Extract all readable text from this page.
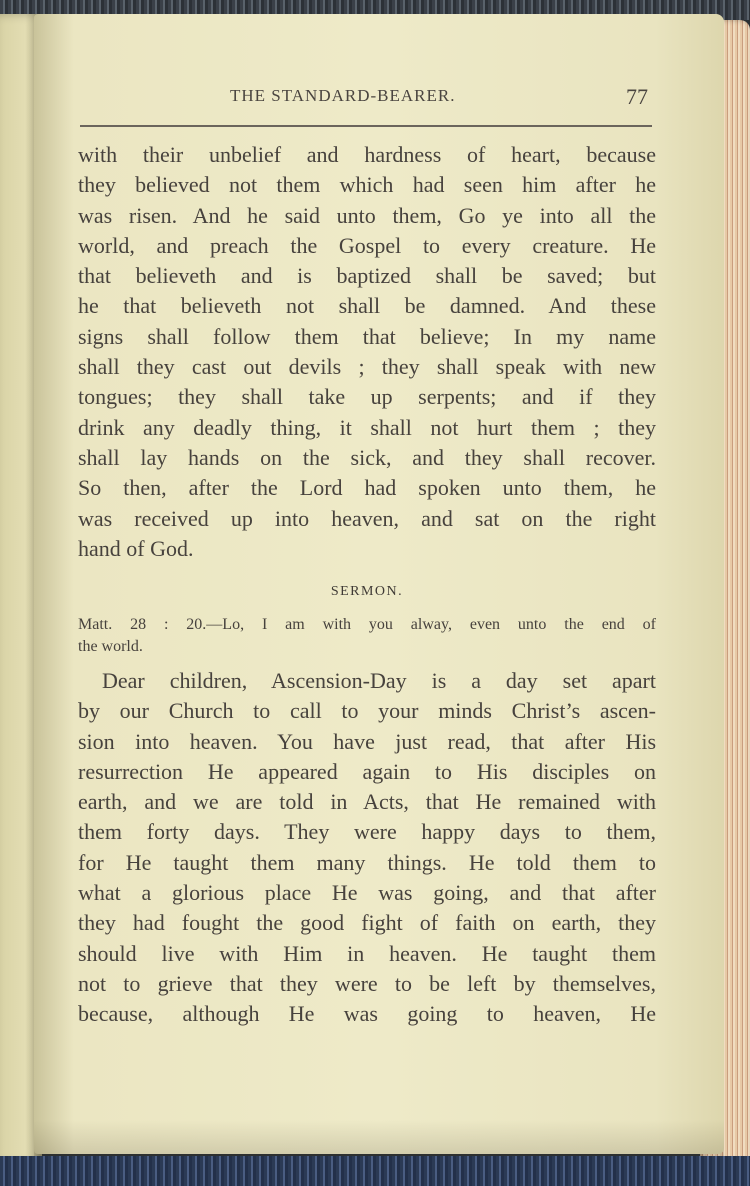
THE STANDARD-BEARER.	77
with their unbelief and hardness of heart, because
they believed not them which had seen him after he
was risen. And he said unto them, Go ye into all the
world, and preach the Gospel to every creature. He
that believeth and is baptized shall be saved; but
he that believeth not shall be damned. And these
signs shall follow them that believe; In my name
shall they cast out devils ; they shall speak with new
tongues; they shall take up serpents; and if they
drink any deadly thing, it shall not hurt them ; they
shall lay hands on the sick, and they shall recover.
So then, after the Lord had spoken unto them, he
was received up into heaven, and sat on the right
hand of God.
SERMON.
Matt. 28 : 20.—Lo, I am with you alway, even unto the end of
the world.
Dear children, Ascension-Day is a day set apart
by our Church to call to your minds Christ’s ascen-
sion into heaven. You have just read, that after His
resurrection He appeared again to His disciples on
earth, and we are told in Acts, that He remained with
them forty days. They were happy days to them,
for He taught them many things. He told them to
what a glorious place He was going, and that after
they had fought the good fight of faith on earth, they
should live with Him in heaven. He taught them
not to grieve that they were to be left by themselves,
because, although He was going to heaven, He
